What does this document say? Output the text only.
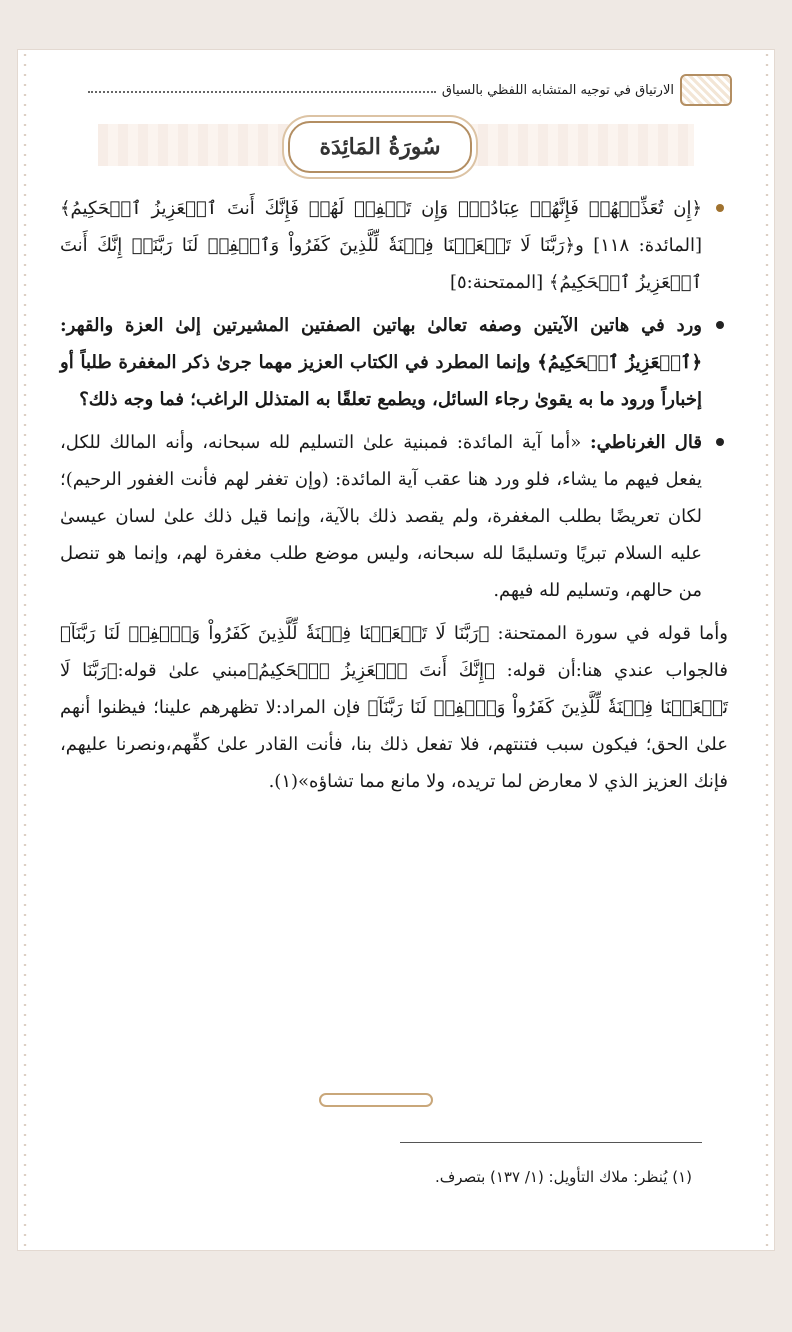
الارتياق في توجيه المتشابه اللفظي بالسياق
سُورَةُ المَائِدَة

﴿إِن تُعَذِّبۡهُمۡ فَإِنَّهُمۡ عِبَادُكَۖ وَإِن تَغۡفِرۡ لَهُمۡ فَإِنَّكَ أَنتَ ٱلۡعَزِيزُ ٱلۡحَكِيمُ﴾ [المائدة: ١١٨] و﴿رَبَّنَا لَا تَجۡعَلۡنَا فِتۡنَةٗ لِّلَّذِينَ كَفَرُواْ وَٱغۡفِرۡ لَنَا رَبَّنَآۖ إِنَّكَ أَنتَ ٱلۡعَزِيزُ ٱلۡحَكِيمُ﴾ [الممتحنة:٥]

ورد في هاتين الآيتين وصفه تعالىٰ بهاتين الصفتين المشيرتين إلىٰ العزة والقهر: ﴿ٱلۡعَزِيزُ ٱلۡحَكِيمُ﴾ وإنما المطرد في الكتاب العزيز مهما جرىٰ ذكر المغفرة طلباً أو إخباراً ورود ما به يقوىٰ رجاء السائل، ويطمع تعلقًا به المتذلل الراغب؛ فما وجه ذلك؟

قال الغرناطي: «أما آية المائدة: فمبنية علىٰ التسليم لله سبحانه، وأنه المالك للكل، يفعل فيهم ما يشاء، فلو ورد هنا عقب آية المائدة: (وإن تغفر لهم فأنت الغفور الرحيم)؛ لكان تعريضًا بطلب المغفرة، ولم يقصد ذلك بالآية، وإنما قيل ذلك علىٰ لسان عيسىٰ عليه السلام تبريًا وتسليمًا لله سبحانه، وليس موضع طلب مغفرة لهم، وإنما هو تنصل من حالهم، وتسليم لله فيهم.

وأما قوله في سورة الممتحنة: ﴿رَبَّنَا لَا تَجۡعَلۡنَا فِتۡنَةٗ لِّلَّذِينَ كَفَرُواْ وَٱغۡفِرۡ لَنَا رَبَّنَآ﴾ فالجواب عندي هنا:أن قوله: ﴿إِنَّكَ أَنتَ ٱلۡعَزِيزُ ٱلۡحَكِيمُ﴾مبني علىٰ قوله:﴿رَبَّنَا لَا تَجۡعَلۡنَا فِتۡنَةٗ لِّلَّذِينَ كَفَرُواْ وَٱغۡفِرۡ لَنَا رَبَّنَآ﴾ فإن المراد:لا تظهرهم علينا؛ فيظنوا أنهم علىٰ الحق؛ فيكون سبب فتنتهم، فلا تفعل ذلك بنا، فأنت القادر علىٰ كفِّهم،ونصرنا عليهم، فإنك العزيز الذي لا معارض لما تريده، ولا مانع مما تشاؤه»(١).

(١) يُنظر: ملاك التأويل: (١/ ١٣٧) بتصرف.
